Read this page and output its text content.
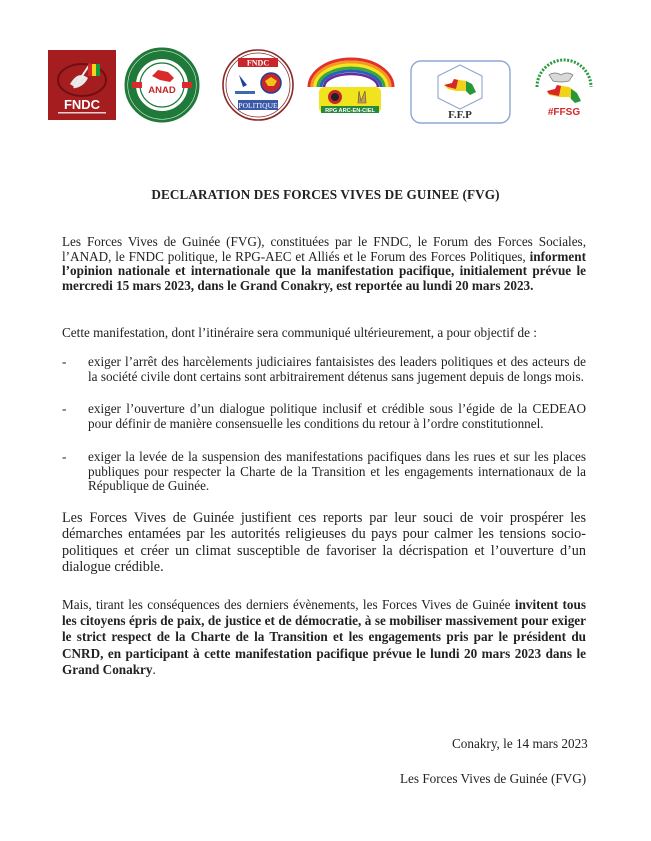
FNDC
ANAD
FNDC
POLITIQUE
RPG ARC-EN-CIEL	F.F.P	#FFSG
DECLARATION DES FORCES VIVES DE GUINEE (FVG)
Les Forces Vives de Guinée (FVG), constituées par le FNDC, le Forum des Forces Sociales, l’ANAD, le FNDC politique, le RPG-AEC et Alliés et le Forum des Forces Politiques, informent l’opinion nationale et internationale que la manifestation pacifique, initialement prévue le mercredi 15 mars 2023, dans le Grand Conakry, est reportée au lundi 20 mars 2023.
Cette manifestation, dont l’itinéraire sera communiqué ultérieurement, a pour objectif de :
- exiger l’arrêt des harcèlements judiciaires fantaisistes des leaders politiques et des acteurs de la société civile dont certains sont arbitrairement détenus sans jugement depuis de longs mois.
- exiger l’ouverture d’un dialogue politique inclusif et crédible sous l’égide de la CEDEAO pour définir de manière consensuelle les conditions du retour à l’ordre constitutionnel.
- exiger la levée de la suspension des manifestations pacifiques dans les rues et sur les places publiques pour respecter la Charte de la Transition et les engagements internationaux de la République de Guinée.
Les Forces Vives de Guinée justifient ces reports par leur souci de voir prospérer les démarches entamées par les autorités religieuses du pays pour calmer les tensions socio-politiques et créer un climat susceptible de favoriser la décrispation et l’ouverture d’un dialogue crédible.
Mais, tirant les conséquences des derniers évènements, les Forces Vives de Guinée invitent tous les citoyens épris de paix, de justice et de démocratie, à se mobiliser massivement pour exiger le strict respect de la Charte de la Transition et les engagements pris par le président du CNRD, en participant à cette manifestation pacifique prévue le lundi 20 mars 2023 dans le Grand Conakry.
Conakry, le 14 mars 2023
Les Forces Vives de Guinée (FVG)
